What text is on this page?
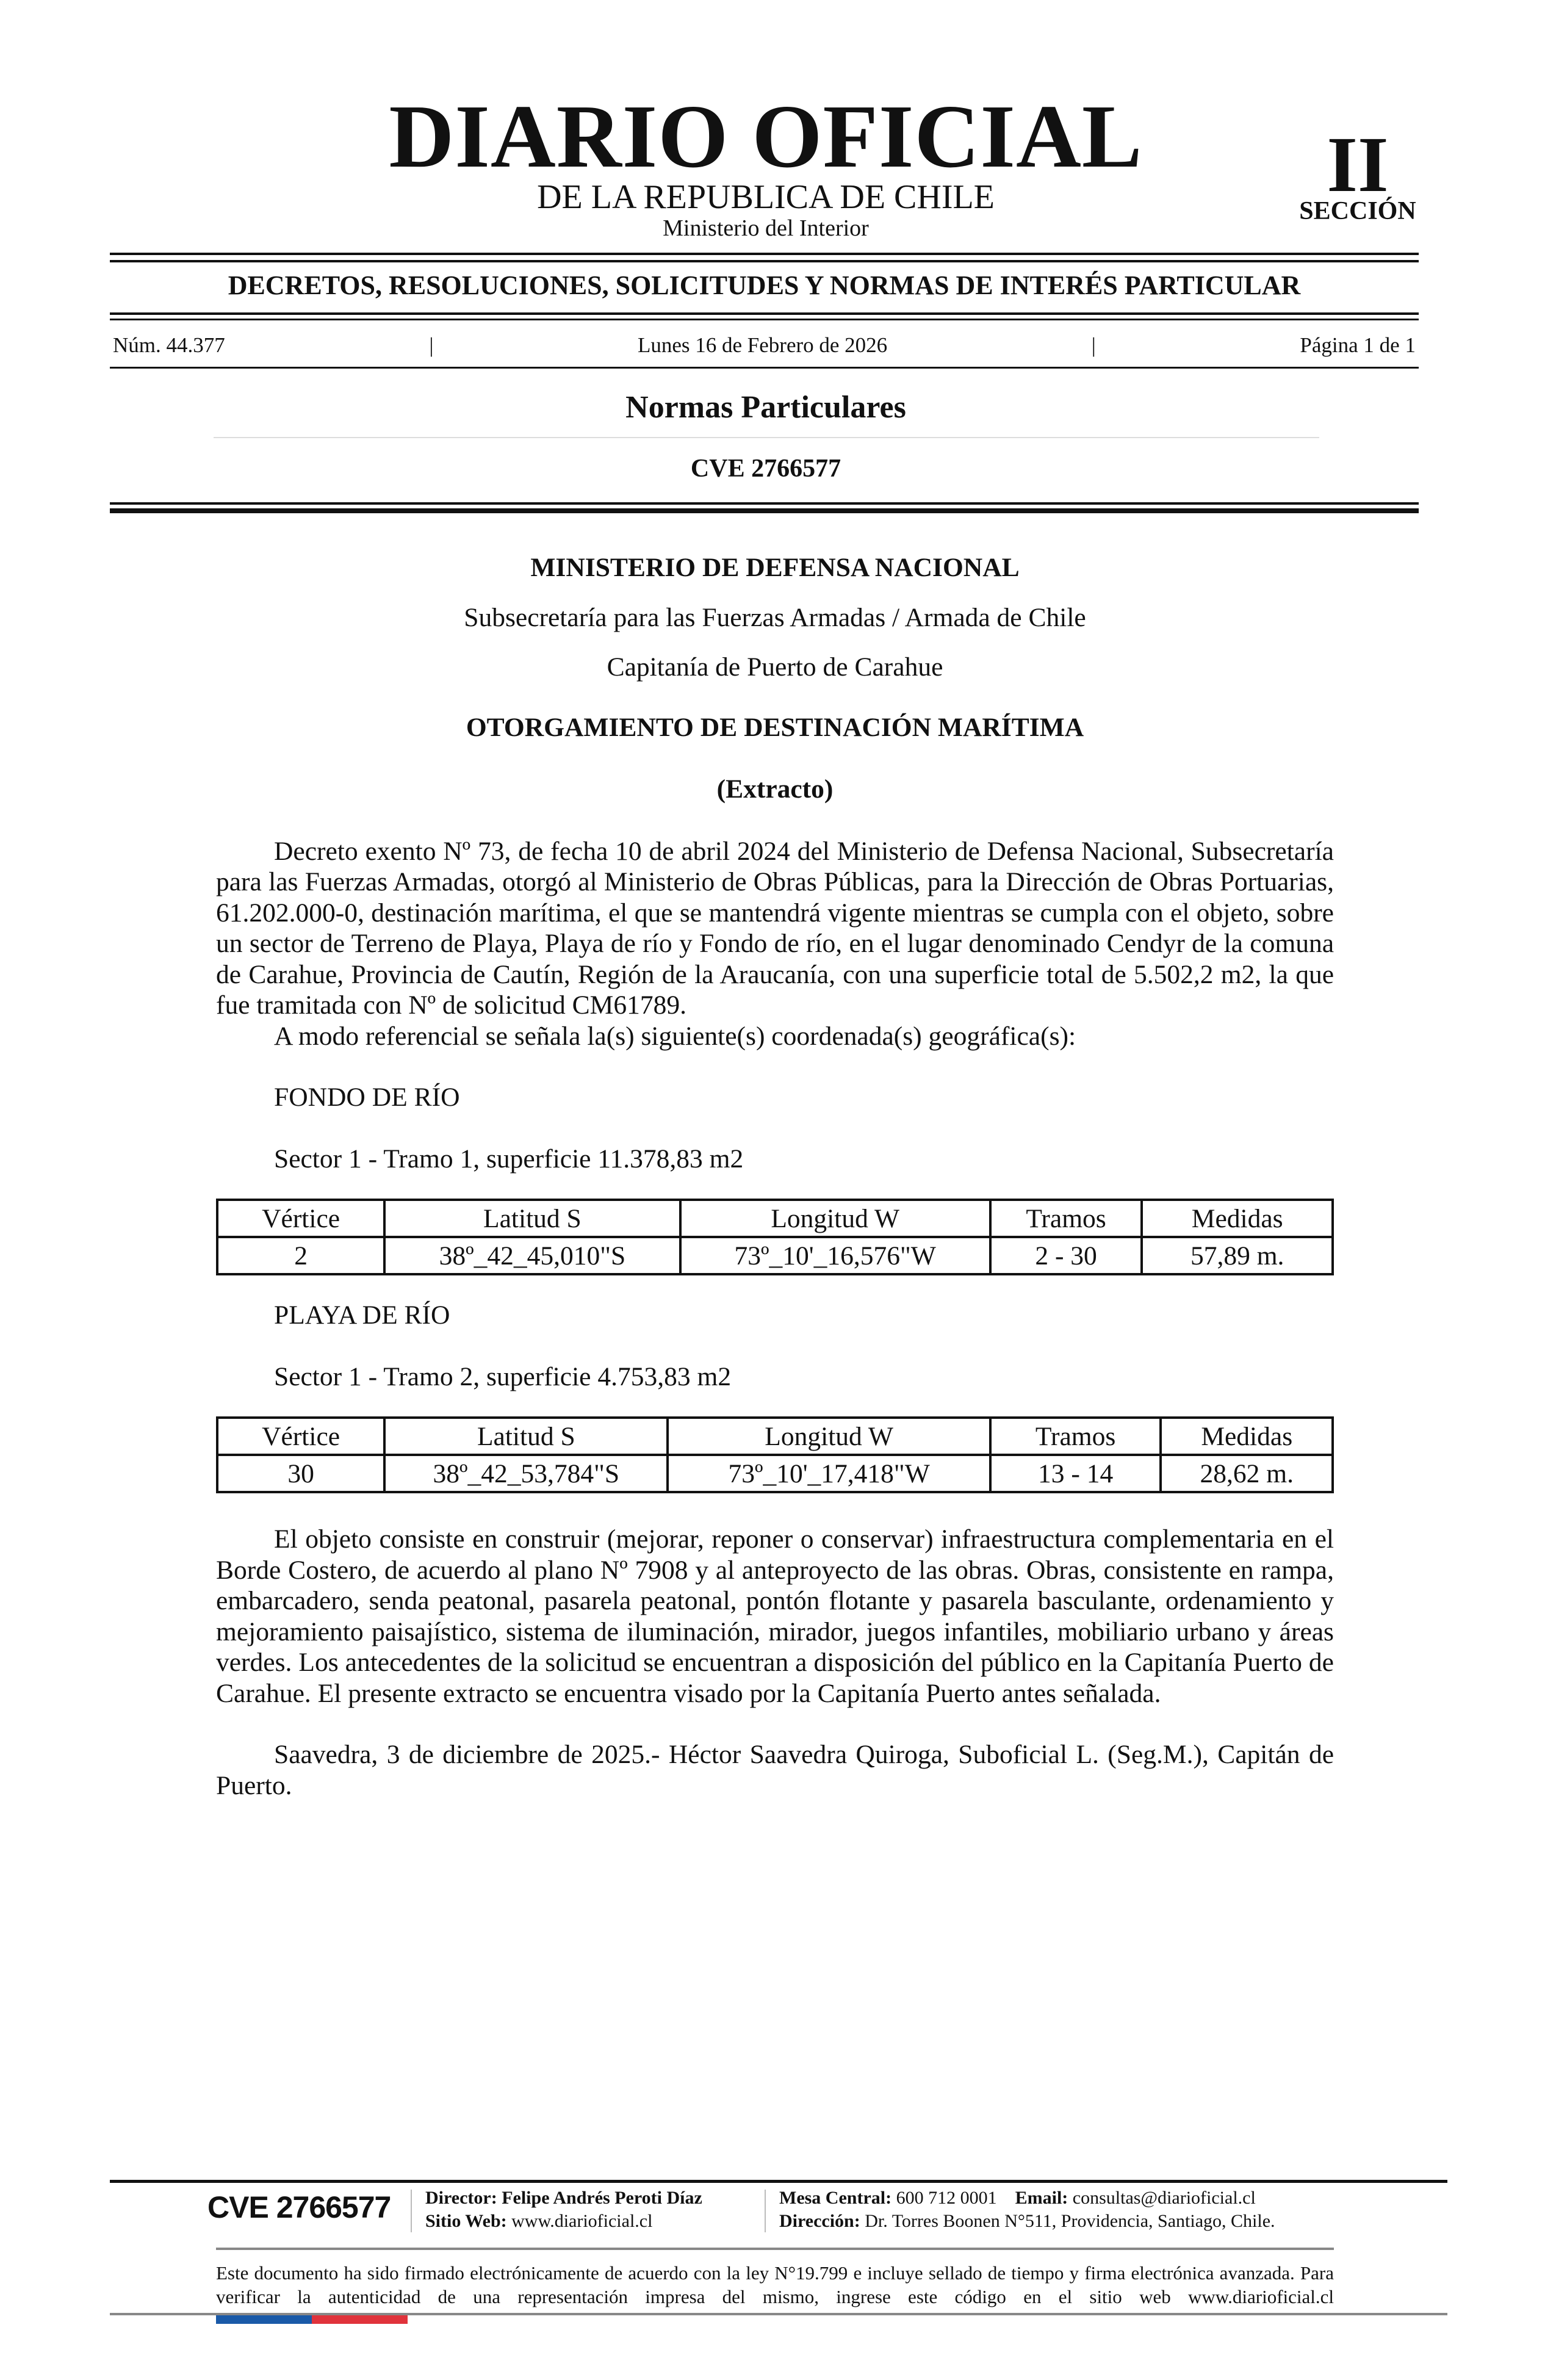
DIARIO OFICIAL
DE LA REPUBLICA DE CHILE
Ministerio del Interior
II
SECCIÓN
DECRETOS, RESOLUCIONES, SOLICITUDES Y NORMAS DE INTERÉS PARTICULAR
Núm. 44.377	|	Lunes 16 de Febrero de 2026	|	Página 1 de 1
Normas Particulares
CVE 2766577

MINISTERIO DE DEFENSA NACIONAL

Subsecretaría para las Fuerzas Armadas / Armada de Chile

Capitanía de Puerto de Carahue

OTORGAMIENTO DE DESTINACIÓN MARÍTIMA

(Extracto)

Decreto exento Nº 73, de fecha 10 de abril 2024 del Ministerio de Defensa Nacional, Subsecretaría para las Fuerzas Armadas, otorgó al Ministerio de Obras Públicas, para la Dirección de Obras Portuarias, 61.202.000-0, destinación marítima, el que se mantendrá vigente mientras se cumpla con el objeto, sobre un sector de Terreno de Playa, Playa de río y Fondo de río, en el lugar denominado Cendyr de la comuna de Carahue, Provincia de Cautín, Región de la Araucanía, con una superficie total de 5.502,2 m2, la que fue tramitada con Nº de solicitud CM61789.

A modo referencial se señala la(s) siguiente(s) coordenada(s) geográfica(s):

FONDO DE RÍO

Sector 1 - Tramo 1, superficie 11.378,83 m2

Vértice	Latitud S	Longitud W	Tramos	Medidas
2	38º_42_45,010"S	73º_10'_16,576"W	2 - 30	57,89 m.

PLAYA DE RÍO

Sector 1 - Tramo 2, superficie 4.753,83 m2

Vértice	Latitud S	Longitud W	Tramos	Medidas
30	38º_42_53,784"S	73º_10'_17,418"W	13 - 14	28,62 m.

El objeto consiste en construir (mejorar, reponer o conservar) infraestructura complementaria en el Borde Costero, de acuerdo al plano Nº 7908 y al anteproyecto de las obras. Obras, consistente en rampa, embarcadero, senda peatonal, pasarela peatonal, pontón flotante y pasarela basculante, ordenamiento y mejoramiento paisajístico, sistema de iluminación, mirador, juegos infantiles, mobiliario urbano y áreas verdes. Los antecedentes de la solicitud se encuentran a disposición del público en la Capitanía Puerto de Carahue. El presente extracto se encuentra visado por la Capitanía Puerto antes señalada.

Saavedra, 3 de diciembre de 2025.- Héctor Saavedra Quiroga, Suboficial L. (Seg.M.), Capitán de Puerto.

CVE 2766577 Director: Felipe Andrés Peroti Díaz
Sitio Web: www.diarioficial.cl
Mesa Central: 600 712 0001 Email: consultas@diarioficial.cl
Dirección: Dr. Torres Boonen N°511, Providencia, Santiago, Chile.
Este documento ha sido firmado electrónicamente de acuerdo con la ley N°19.799 e incluye sellado de tiempo y firma electrónica avanzada. Para verificar la autenticidad de una representación impresa del mismo, ingrese este código en el sitio web www.diarioficial.cl
